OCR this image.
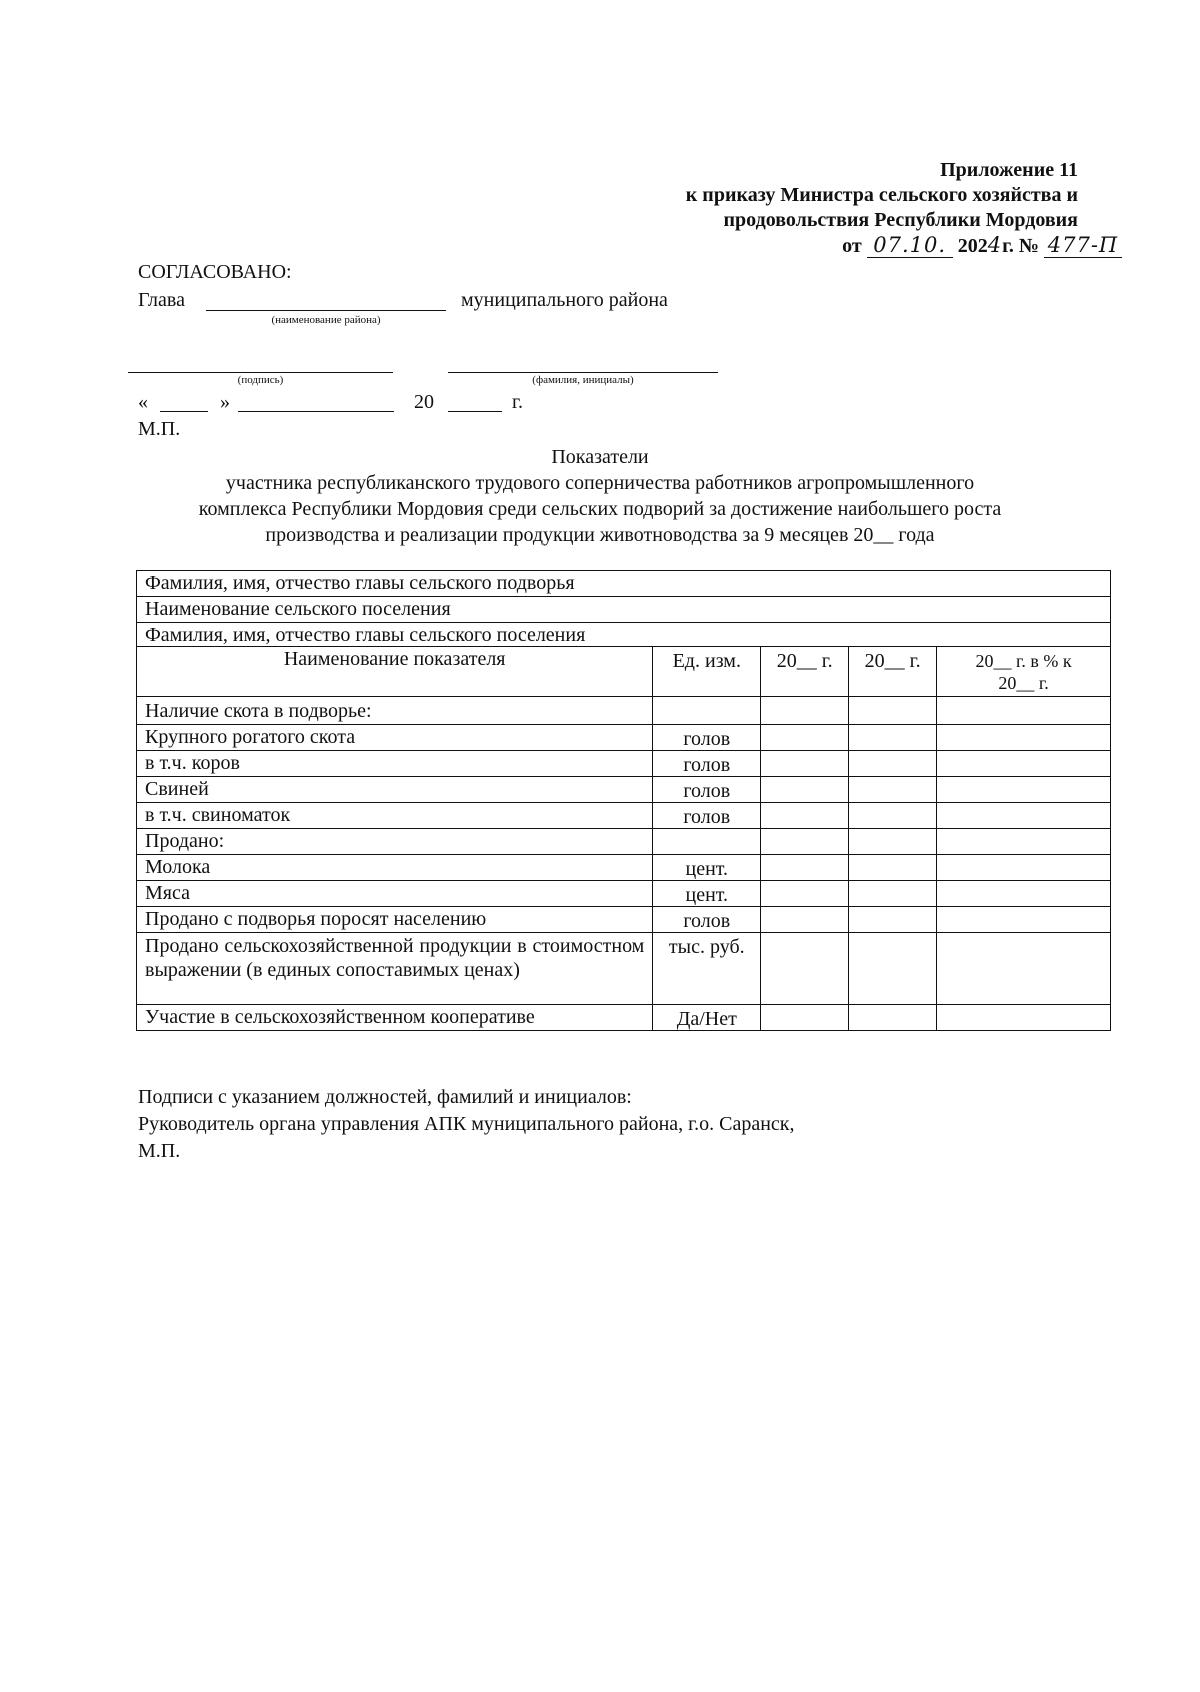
Приложение 11
к приказу Министра сельского хозяйства и
продовольствия Республики Мордовия
от 07.10. 2024г. № 477-П
СОГЛАСОВАНО:
Глава	муниципального района
(наименование района)
(подпись)	(фамилия, инициалы)
«	»	20	г.
М.П.
Показатели
участника республиканского трудового соперничества работников агропромышленного
комплекса Республики Мордовия среди сельских подворий за достижение наибольшего роста
производства и реализации продукции животноводства за 9 месяцев 20__ года
Фамилия, имя, отчество главы сельского подворья				
Наименование сельского поселения				
Фамилия, имя, отчество главы сельского поселения				
Наименование показателя	Ед. изм.	20__ г.	20__ г.	20__ г. в % к
20__ г.

Наличие скота в подворье:				
Крупного рогатого скота	голов			
в т.ч. коров	голов			
Свиней	голов			
в т.ч. свиноматок	голов			
Продано:				
Молока	цент.			
Мяса	цент.			
Продано с подворья поросят населению	голов			
Продано сельскохозяйственной продукции в стоимостном выражении (в единых сопоставимых ценах)	тыс. руб.			
Участие в сельскохозяйственном кооперативе	Да/Нет			
Подписи с указанием должностей, фамилий и инициалов:
Руководитель органа управления АПК муниципального района, г.о. Саранск,
М.П.
